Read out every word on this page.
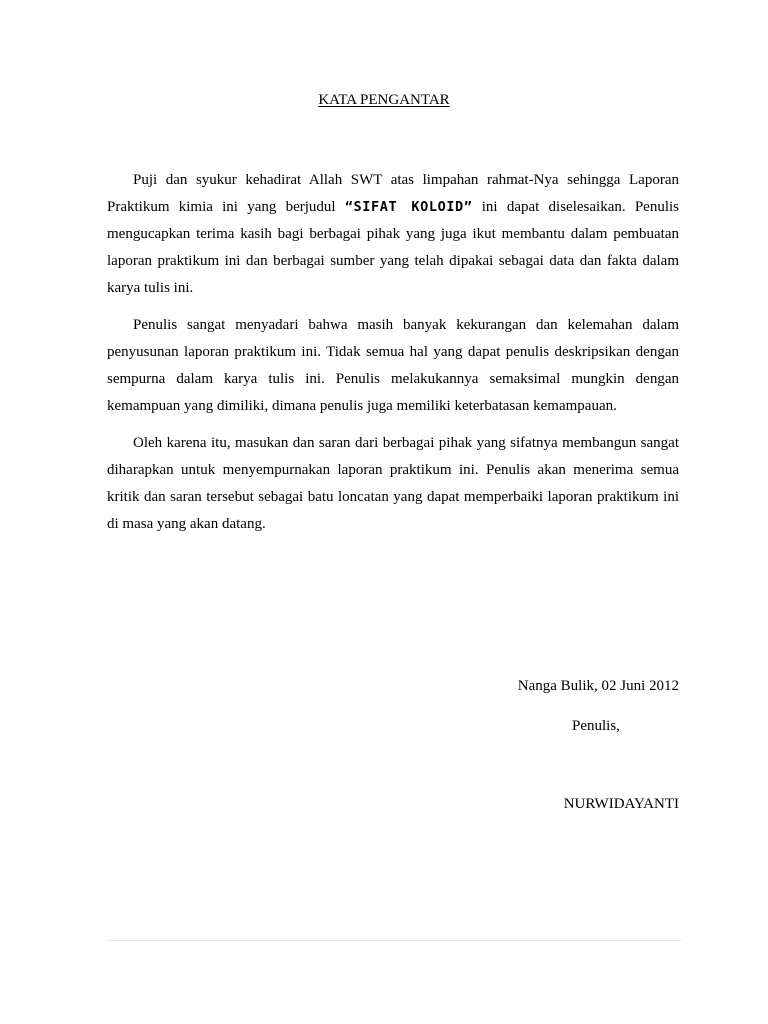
KATA PENGANTAR

Puji dan syukur kehadirat Allah SWT atas limpahan rahmat-Nya sehingga Laporan Praktikum kimia ini yang berjudul “SIFAT KOLOID” ini dapat diselesaikan. Penulis mengucapkan terima kasih bagi berbagai pihak yang juga ikut membantu dalam pembuatan laporan praktikum ini dan berbagai sumber yang telah dipakai sebagai data dan fakta dalam karya tulis ini.

Penulis sangat menyadari bahwa masih banyak kekurangan dan kelemahan dalam penyusunan laporan praktikum ini. Tidak semua hal yang dapat penulis deskripsikan dengan sempurna dalam karya tulis ini. Penulis melakukannya semaksimal mungkin dengan kemampuan yang dimiliki, dimana penulis juga memiliki keterbatasan kemampauan.

Oleh karena itu, masukan dan saran dari berbagai pihak yang sifatnya membangun sangat diharapkan untuk menyempurnakan laporan praktikum ini. Penulis akan menerima semua kritik dan saran tersebut sebagai batu loncatan yang dapat memperbaiki laporan praktikum ini di masa yang akan datang.

Nanga Bulik, 02 Juni 2012
Penulis,
NURWIDAYANTI
